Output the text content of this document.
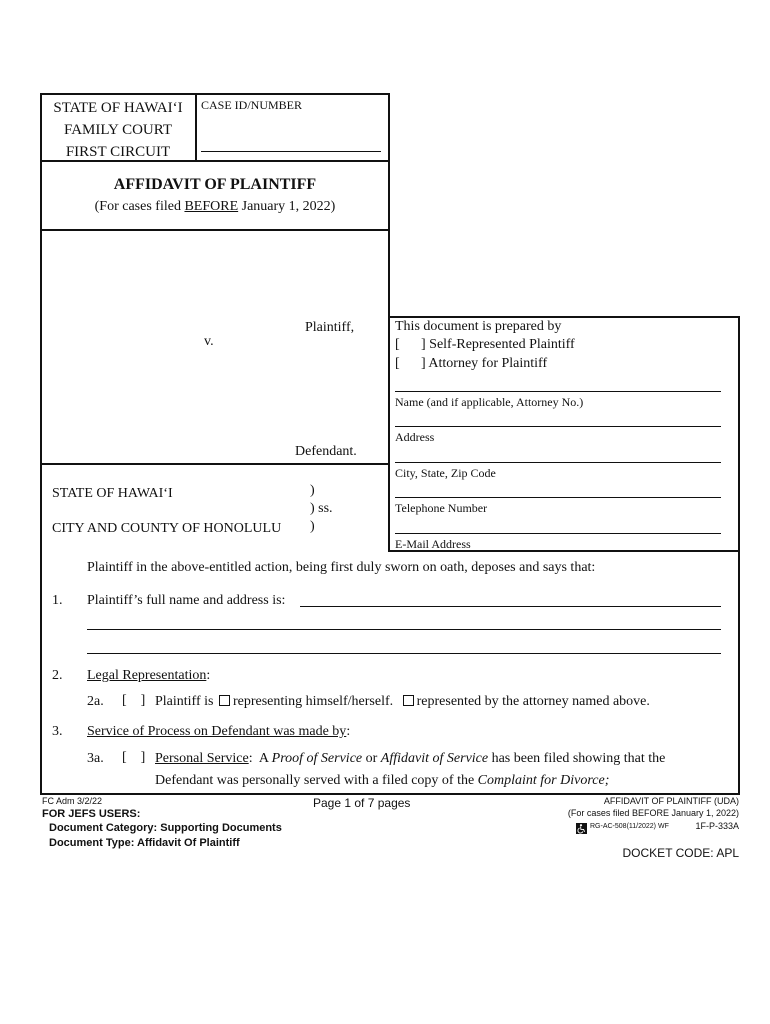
STATE OF HAWAI‘I
FAMILY COURT
FIRST CIRCUIT
CASE ID/NUMBER
AFFIDAVIT OF PLAINTIFF
(For cases filed BEFORE January 1, 2022)
Plaintiff,
v.
Defendant.
This document is prepared by
[ ] Self-Represented Plaintiff
[ ] Attorney for Plaintiff
Name (and if applicable, Attorney No.)
Address
City, State, Zip Code
Telephone Number
E-Mail Address
STATE OF HAWAI‘I
CITY AND COUNTY OF HONOLULU
)
) ss.
)
Plaintiff in the above-entitled action, being first duly sworn on oath, deposes and says that:
1. Plaintiff’s full name and address is:
2. Legal Representation:
2a. [ ] Plaintiff is representing himself/herself. represented by the attorney named above.
3. Service of Process on Defendant was made by:
3a. [ ] Personal Service:  A Proof of Service or Affidavit of Service has been filed showing that the
Defendant was personally served with a filed copy of the Complaint for Divorce;
FC Adm 3/2/22	Page 1 of 7 pages
FOR JEFS USERS:
Document Category: Supporting Documents
Document Type: Affidavit Of Plaintiff
AFFIDAVIT OF PLAINTIFF (UDA)
(For cases filed BEFORE January 1, 2022)
RG-AC-508(11/2022) WF	1F-P-333A
DOCKET CODE: APL
